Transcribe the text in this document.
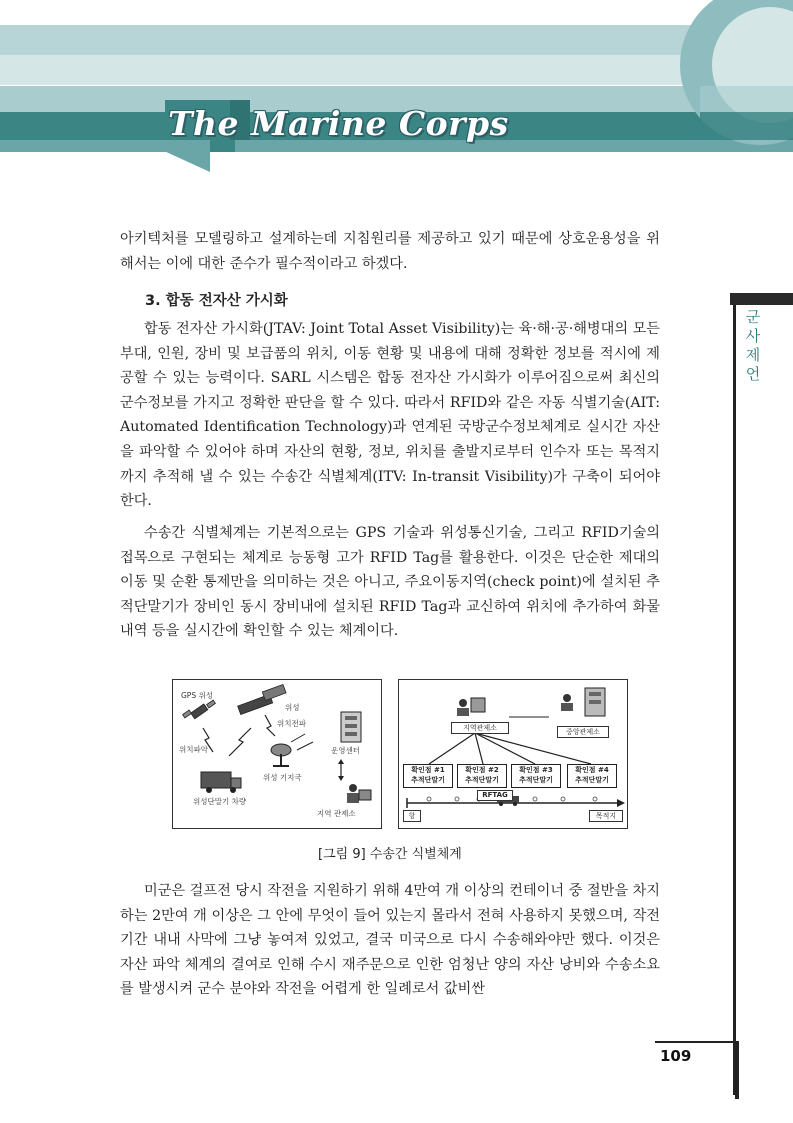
The Marine Corps
군
사
제
언

아키텍처를 모델링하고 설계하는데 지침원리를 제공하고 있기 때문에 상호운용성을 위해서는 이에 대한 준수가 필수적이라고 하겠다.

3. 합동 전자산 가시화

합동 전자산 가시화(JTAV: Joint Total Asset Visibility)는 육·해·공·해병대의 모든 부대, 인원, 장비 및 보급품의 위치, 이동 현황 및 내용에 대해 정확한 정보를 적시에 제공할 수 있는 능력이다. SARL 시스템은 합동 전자산 가시화가 이루어짐으로써 최신의 군수정보를 가지고 정확한 판단을 할 수 있다. 따라서 RFID와 같은 자동 식별기술(AIT: Automated Identification Technology)과 연계된 국방군수정보체계로 실시간 자산을 파악할 수 있어야 하며 자산의 현황, 정보, 위치를 출발지로부터 인수자 또는 목적지까지 추적해 낼 수 있는 수송간 식별체계(ITV: In-transit Visibility)가 구축이 되어야 한다.

수송간 식별체계는 기본적으로는 GPS 기술과 위성통신기술, 그리고 RFID기술의 접목으로 구현되는 체계로 능동형 고가 RFID Tag를 활용한다. 이것은 단순한 제대의 이동 및 순환 통제만을 의미하는 것은 아니고, 주요이동지역(check point)에 설치된 추적단말기가 장비인 동시 장비내에 설치된 RFID Tag과 교신하여 위치에 추가하여 화물내역 등을 실시간에 확인할 수 있는 체계이다.

GPS 위성
위성
위치전파
위치파악	운영센터
위성 기지국
위성단말기 차량
지역 관제소
지역관제소	중앙관제소
확인점 #1
추적단말기
확인점 #2
추적단말기
확인점 #3
추적단말기
확인점 #4
추적단말기
RFTAG
항	목적지
[그림 9] 수송간 식별체계

미군은 걸프전 당시 작전을 지원하기 위해 4만여 개 이상의 컨테이너 중 절반을 차지하는 2만여 개 이상은 그 안에 무엇이 들어 있는지 몰라서 전혀 사용하지 못했으며, 작전 기간 내내 사막에 그냥 놓여져 있었고, 결국 미국으로 다시 수송해와야만 했다. 이것은 자산 파악 체계의 결여로 인해 수시 재주문으로 인한 엄청난 양의 자산 낭비와 수송소요를 발생시켜 군수 분야와 작전을 어렵게 한 일례로서 값비싼

109
